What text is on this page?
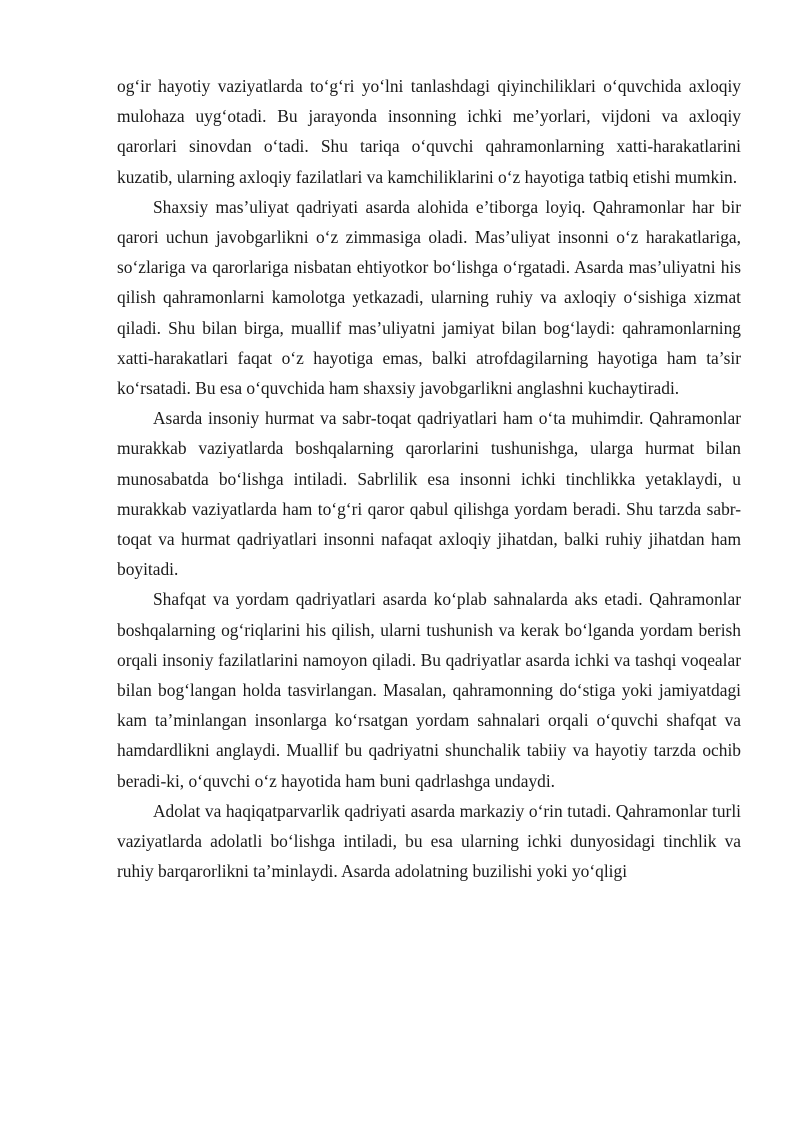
og‘ir hayotiy vaziyatlarda to‘g‘ri yo‘lni tanlashdagi qiyinchiliklari o‘quvchida axloqiy mulohaza uyg‘otadi. Bu jarayonda insonning ichki me’yorlari, vijdoni va axloqiy qarorlari sinovdan o‘tadi. Shu tariqa o‘quvchi qahramonlarning xatti-harakatlarini kuzatib, ularning axloqiy fazilatlari va kamchiliklarini o‘z hayotiga tatbiq etishi mumkin.

Shaxsiy mas’uliyat qadriyati asarda alohida e’tiborga loyiq. Qahramonlar har bir qarori uchun javobgarlikni o‘z zimmasiga oladi. Mas’uliyat insonni o‘z harakatlariga, so‘zlariga va qarorlariga nisbatan ehtiyotkor bo‘lishga o‘rgatadi. Asarda mas’uliyatni his qilish qahramonlarni kamolotga yetkazadi, ularning ruhiy va axloqiy o‘sishiga xizmat qiladi. Shu bilan birga, muallif mas’uliyatni jamiyat bilan bog‘laydi: qahramonlarning xatti-harakatlari faqat o‘z hayotiga emas, balki atrofdagilarning hayotiga ham ta’sir ko‘rsatadi. Bu esa o‘quvchida ham shaxsiy javobgarlikni anglashni kuchaytiradi.

Asarda insoniy hurmat va sabr-toqat qadriyatlari ham o‘ta muhimdir. Qahramonlar murakkab vaziyatlarda boshqalarning qarorlarini tushunishga, ularga hurmat bilan munosabatda bo‘lishga intiladi. Sabrlilik esa insonni ichki tinchlikka yetaklaydi, u murakkab vaziyatlarda ham to‘g‘ri qaror qabul qilishga yordam beradi. Shu tarzda sabr-toqat va hurmat qadriyatlari insonni nafaqat axloqiy jihatdan, balki ruhiy jihatdan ham boyitadi.

Shafqat va yordam qadriyatlari asarda ko‘plab sahnalarda aks etadi. Qahramonlar boshqalarning og‘riqlarini his qilish, ularni tushunish va kerak bo‘lganda yordam berish orqali insoniy fazilatlarini namoyon qiladi. Bu qadriyatlar asarda ichki va tashqi voqealar bilan bog‘langan holda tasvirlangan. Masalan, qahramonning do‘stiga yoki jamiyatdagi kam ta’minlangan insonlarga ko‘rsatgan yordam sahnalari orqali o‘quvchi shafqat va hamdardlikni anglaydi. Muallif bu qadriyatni shunchalik tabiiy va hayotiy tarzda ochib beradi-ki, o‘quvchi o‘z hayotida ham buni qadrlashga undaydi.

Adolat va haqiqatparvarlik qadriyati asarda markaziy o‘rin tutadi. Qahramonlar turli vaziyatlarda adolatli bo‘lishga intiladi, bu esa ularning ichki dunyosidagi tinchlik va ruhiy barqarorlikni ta’minlaydi. Asarda adolatning buzilishi yoki yo‘qligi
